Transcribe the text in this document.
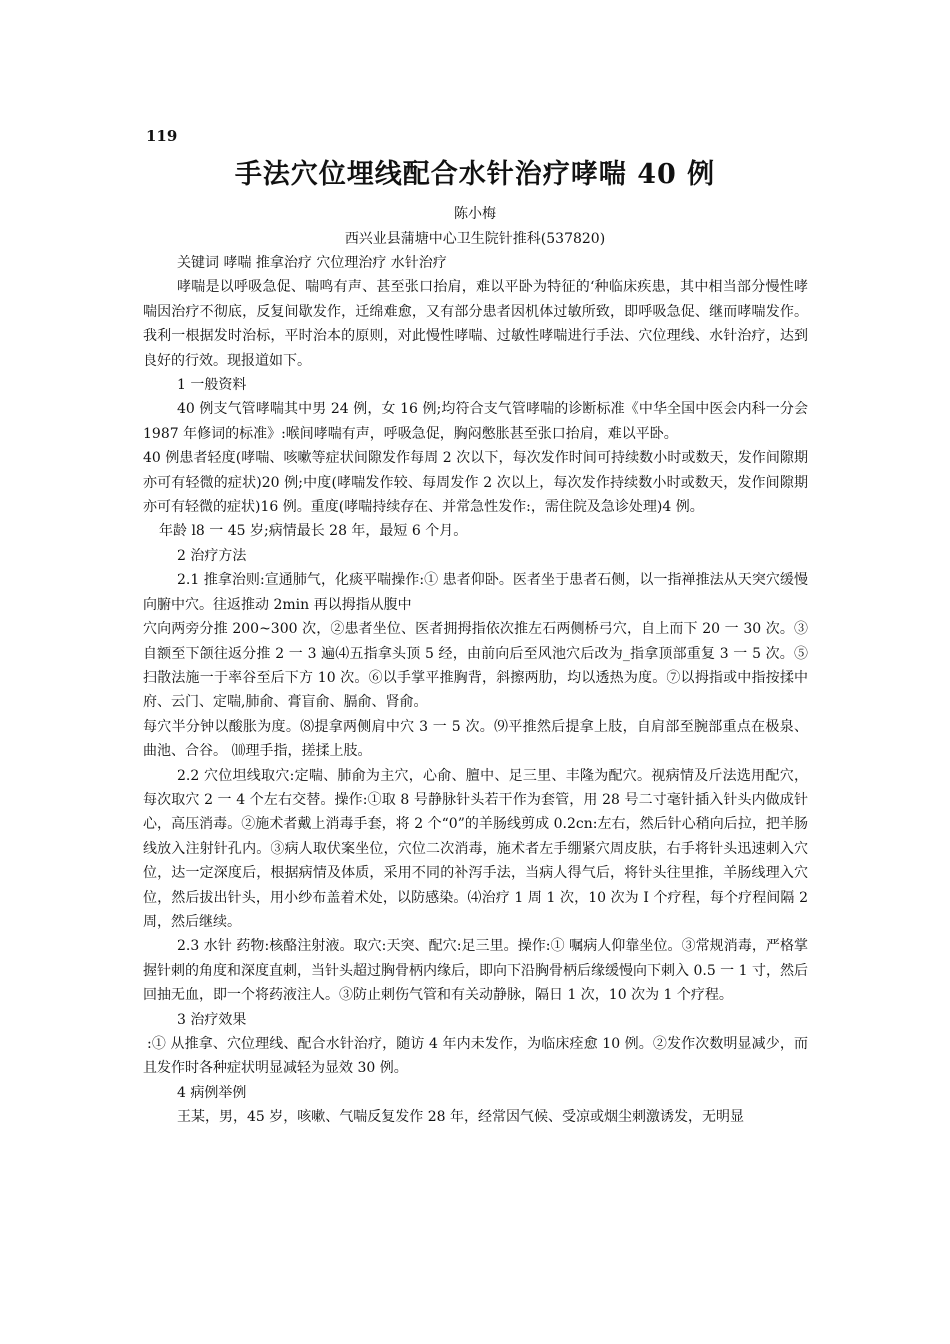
119
手法穴位埋线配合水针治疗哮喘 40 例
陈小梅
西兴业县蒲塘中心卫生院针推科(537820)

关键词 哮喘 推拿治疗 穴位理治疗 水针治疗

哮喘是以呼吸急促、喘鸣有声、甚至张口抬肩，难以平卧为特征的‘种临床疾患，其中相当部分慢性哮喘因治疗不彻底，反复间歇发作，迁绵难愈，又有部分患者因机体过敏所致，即呼吸急促、继而哮喘发作。我利一根据发时治标，平时治本的原则，对此慢性哮喘、过敏性哮喘进行手法、穴位理线、水针治疗，达到良好的行效。现报道如下。

1 一般资料

40 例支气管哮喘其中男 24 例，女 16 例;均符合支气管哮喘的诊断标准《中华全国中医会内科一分会 1987 年修词的标准》:喉间哮喘有声，呼吸急促，胸闷憋胀甚至张口抬肩，难以平卧。

40 例患者轻度(哮喘、咳嗽等症状间隙发作每周 2 次以下，每次发作时间可持续数小时或数天，发作间隙期亦可有轻微的症状)20 例;中度(哮喘发作较、每周发作 2 次以上，每次发作持续数小时或数天，发作间隙期亦可有轻微的症状)16 例。重度(哮喘持续存在、并常急性发作:，需住院及急诊处理)4 例。

年龄 l8 一 45 岁;病情最长 28 年，最短 6 个月。

2 治疗方法

2.1 推拿治则:宣通肺气，化痰平喘操作:① 患者仰卧。医者坐于患者石侧，以一指禅推法从天突穴缓慢向腑中穴。往返推动 2min 再以拇指从腹中

穴向两旁分推 200~300 次，②患者坐位、医者拥拇指依次推左石两侧桥弓穴，自上而下 20 一 30 次。③自额至下颌往返分推 2 一 3 遍⑷五指拿头顶 5 经，由前向后至风池穴后改为_指拿顶部重复 3 一 5 次。⑤扫散法施一于率谷至后下方 10 次。⑥以手掌平推胸背，斜擦两肋，均以透热为度。⑦以拇指或中指按揉中府、云门、定喘,肺俞、膏盲俞、膈俞、肾俞。

每穴半分钟以酸胀为度。⑻提拿两侧肩中穴 3 一 5 次。⑼平推然后提拿上肢，自肩部至腕部重点在极泉、曲池、合谷。 ⑽理手指，搓揉上肢。

2.2 穴位坦线取穴:定喘、肺俞为主穴，心俞、膻中、足三里、丰隆为配穴。视病情及斤法选用配穴，每次取穴 2 一 4 个左右交替。操作:①取 8 号静脉针头若干作为套管，用 28 号二寸毫针插入针头内做成针心，高压消毒。②施术者戴上消毒手套，将 2 个“0”的羊肠线剪成 0.2cn:左右，然后针心稍向后拉，把羊肠线放入注射针孔内。③病人取伏案坐位，穴位二次消毒，施术者左手绷紧穴周皮肤，右手将针头迅速刺入穴位，达一定深度后，根据病情及体质，采用不同的补泻手法，当病人得气后，将针头往里推，羊肠线理入穴位，然后拔出针头，用小纱布盖着术处，以防感染。⑷治疗 1 周 1 次，10 次为 I 个疗程，每个疗程间隔 2 周，然后继续。

2.3 水针 药物:核酪注射液。取穴:天突、配穴:足三里。操作:① 嘱病人仰靠坐位。③常规消毒，严格掌握针刺的角度和深度直刺，当针头超过胸骨柄内缘后，即向下沿胸骨柄后缘缓慢向下刺入 0.5 一 1 寸，然后回抽无血，即一个将药液注人。③防止刺伤气管和有关动静脉，隔日 1 次，10 次为 1 个疗程。

3 治疗效果

:① 从推拿、穴位理线、配合水针治疗，随访 4 年内未发作，为临床痊愈 10 例。②发作次数明显减少，而且发作时各种症状明显减轻为显效 30 例。

4 病例举例

王某，男，45 岁，咳嗽、气喘反复发作 28 年，经常因气候、受凉或烟尘刺激诱发，无明显
